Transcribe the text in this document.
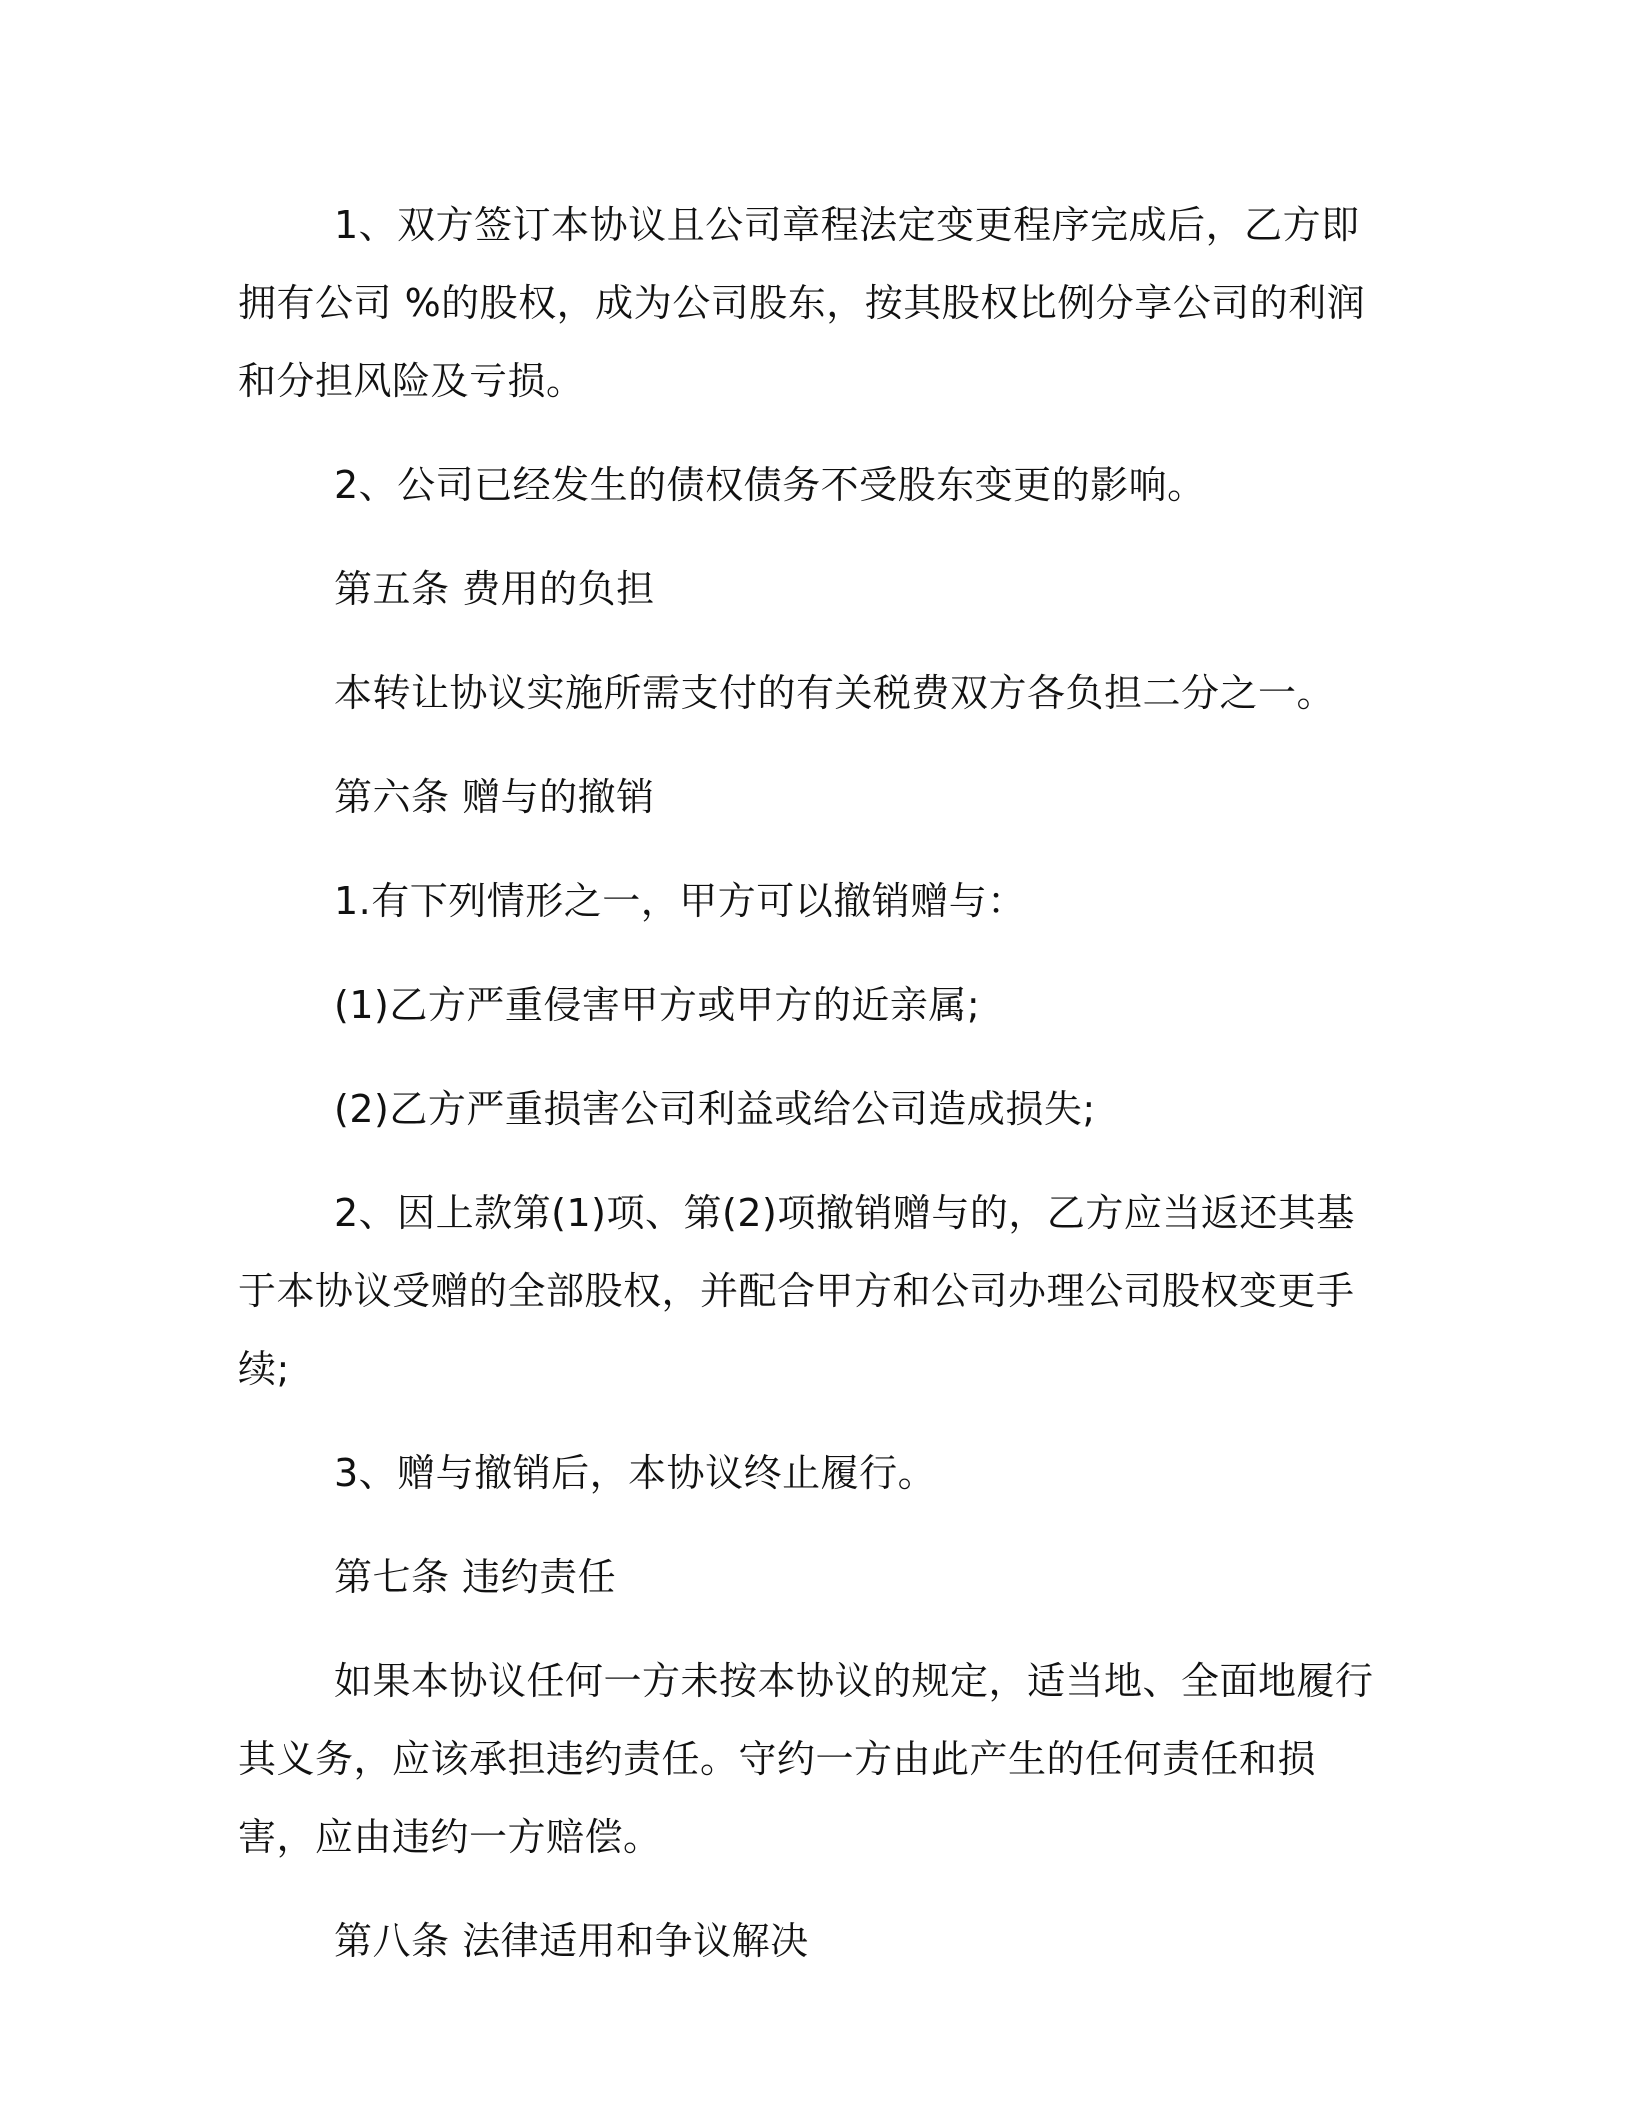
1、双方签订本协议且公司章程法定变更程序完成后，乙方即拥有公司 %的股权，成为公司股东，按其股权比例分享公司的利润和分担风险及亏损。

2、公司已经发生的债权债务不受股东变更的影响。

第五条 费用的负担

本转让协议实施所需支付的有关税费双方各负担二分之一。

第六条 赠与的撤销

1.有下列情形之一，甲方可以撤销赠与：

(1)乙方严重侵害甲方或甲方的近亲属;

(2)乙方严重损害公司利益或给公司造成损失;

2、因上款第(1)项、第(2)项撤销赠与的，乙方应当返还其基于本协议受赠的全部股权，并配合甲方和公司办理公司股权变更手续;

3、赠与撤销后，本协议终止履行。

第七条 违约责任

如果本协议任何一方未按本协议的规定，适当地、全面地履行其义务，应该承担违约责任。守约一方由此产生的任何责任和损害，应由违约一方赔偿。

第八条 法律适用和争议解决
